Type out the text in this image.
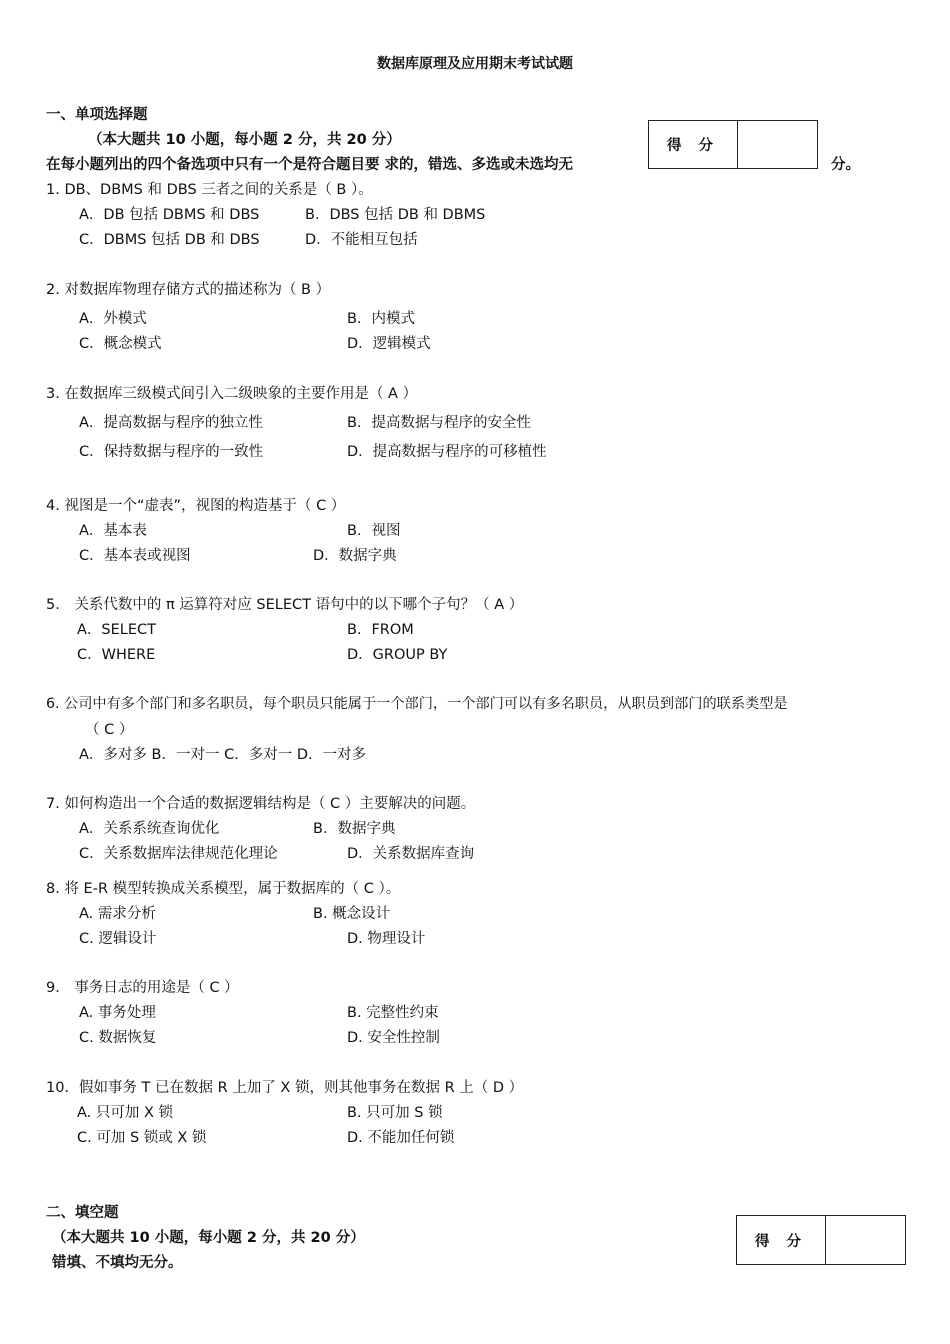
数据库原理及应用期末考试试题
一、单项选择题
（本大题共 10 小题，每小题 2 分，共 20 分）
在每小题列出的四个备选项中只有一个是符合题目要 求的，错选、多选或未选均无	分。
得 分
1. DB、DBMS 和 DBS 三者之间的关系是（ B ）。
A．DB 包括 DBMS 和 DBS	B．DBS 包括 DB 和 DBMS
C．DBMS 包括 DB 和 DBS	D．不能相互包括
2. 对数据库物理存储方式的描述称为（ B ）
A．外模式	B．内模式
C．概念模式	D．逻辑模式
3. 在数据库三级模式间引入二级映象的主要作用是（ A ）
A．提高数据与程序的独立性	B．提高数据与程序的安全性
C．保持数据与程序的一致性	D．提高数据与程序的可移植性
4. 视图是一个“虚表”，视图的构造基于（ C ）
A．基本表	B．视图
C．基本表或视图	D．数据字典
5． 关系代数中的 π 运算符对应 SELECT 语句中的以下哪个子句？（ A ）
A．SELECT	B．FROM
C．WHERE	D．GROUP BY
6. 公司中有多个部门和多名职员，每个职员只能属于一个部门，一个部门可以有多名职员，从职员到部门的联系类型是
（ C ）
A．多对多 B．一对一 C．多对一 D．一对多
7. 如何构造出一个合适的数据逻辑结构是（ C ）主要解决的问题。
A．关系系统查询优化	B．数据字典
C．关系数据库法律规范化理论	D．关系数据库查询
8. 将 E-R 模型转换成关系模型，属于数据库的（ C ）。
A. 需求分析	B. 概念设计
C. 逻辑设计	D. 物理设计
9． 事务日志的用途是（ C ）
A. 事务处理	B. 完整性约束
C. 数据恢复	D. 安全性控制
10．假如事务 T 已在数据 R 上加了 X 锁，则其他事务在数据 R 上（ D ）
A. 只可加 X 锁	B. 只可加 S 锁
C. 可加 S 锁或 X 锁	D. 不能加任何锁
二、填空题
（本大题共 10 小题，每小题 2 分，共 20 分）
错填、不填均无分。
得 分
